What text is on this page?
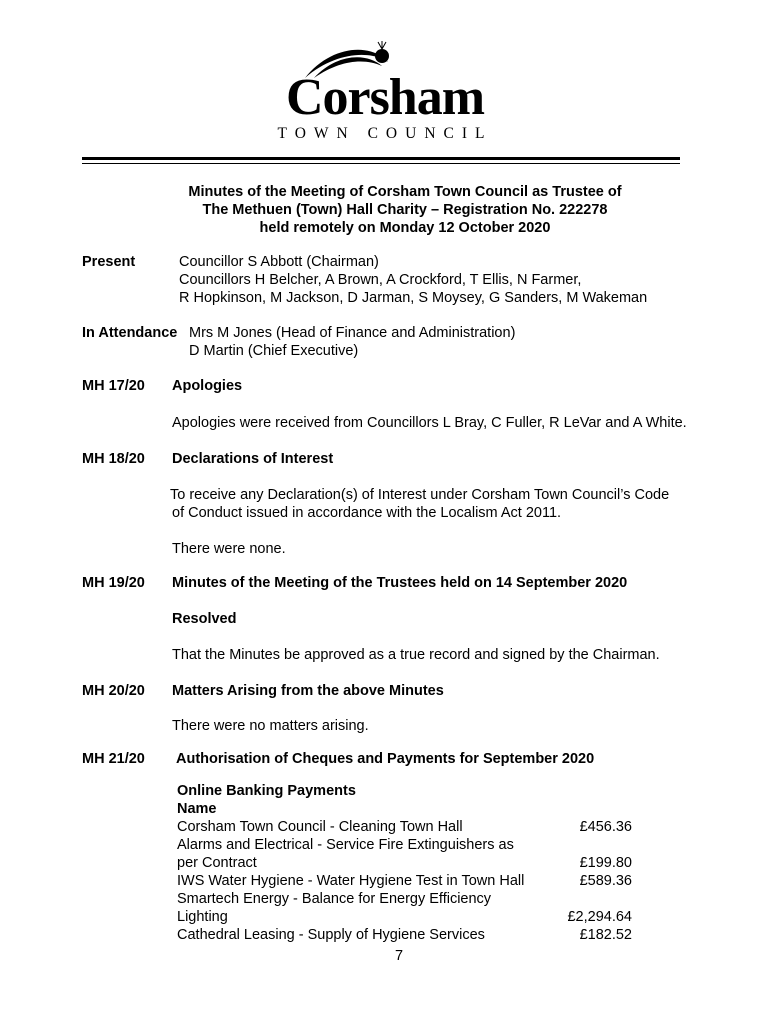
Corsham
TOWN COUNCIL
Minutes of the Meeting of Corsham Town Council as Trustee of
The Methuen (Town) Hall Charity – Registration No. 222278
held remotely on Monday 12 October 2020
Present	Councillor S Abbott (Chairman)
Councillors H Belcher, A Brown, A Crockford, T Ellis, N Farmer,
R Hopkinson, M Jackson, D Jarman, S Moysey, G Sanders, M Wakeman
In Attendance Mrs M Jones (Head of Finance and Administration)
D Martin (Chief Executive)
MH 17/20 Apologies
Apologies were received from Councillors L Bray, C Fuller, R LeVar and A White.
MH 18/20 Declarations of Interest
To receive any Declaration(s) of Interest under Corsham Town Council’s Code
of Conduct issued in accordance with the Localism Act 2011.
There were none.
MH 19/20 Minutes of the Meeting of the Trustees held on 14 September 2020
Resolved
That the Minutes be approved as a true record and signed by the Chairman.
MH 20/20 Matters Arising from the above Minutes
There were no matters arising.
MH 21/20 Authorisation of Cheques and Payments for September 2020
Online Banking Payments
Name
Corsham Town Council - Cleaning Town Hall	£456.36
Alarms and Electrical - Service Fire Extinguishers as
per Contract	£199.80
IWS Water Hygiene - Water Hygiene Test in Town Hall	£589.36
Smartech Energy - Balance for Energy Efficiency
Lighting	£2,294.64
Cathedral Leasing - Supply of Hygiene Services	£182.52
7
